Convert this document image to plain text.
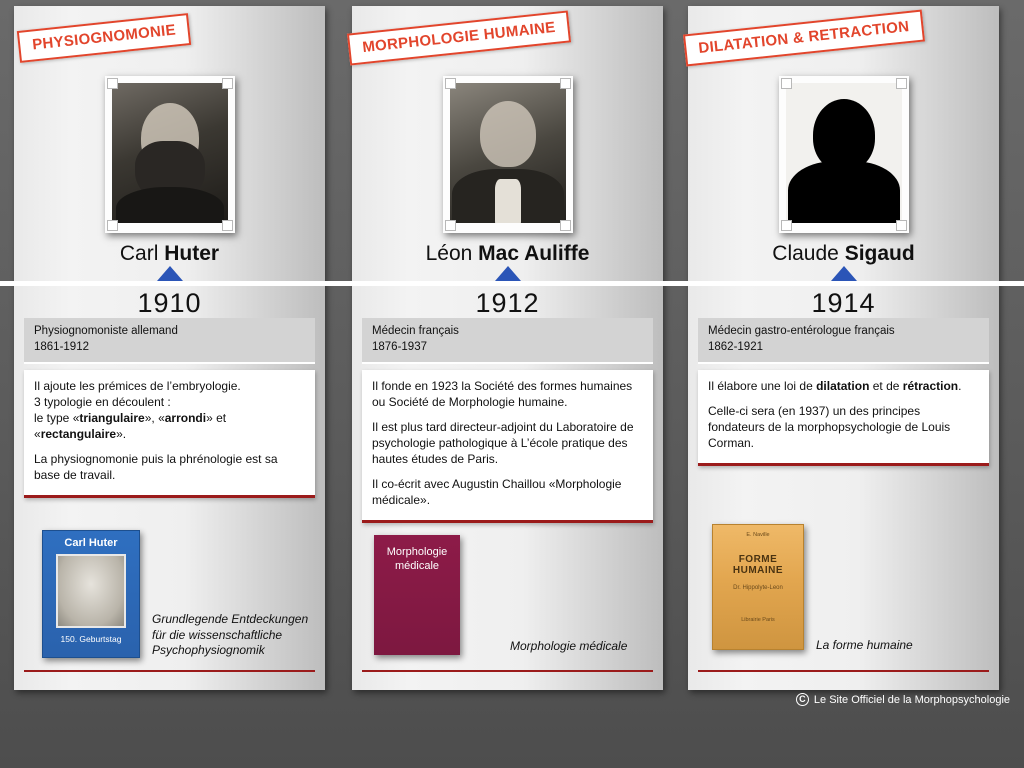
Carl Huter	Léon Mac Auliffe	Claude Sigaud
PHYSIOGNOMONIE	MORPHOLOGIE HUMAINE	DILATATION & RETRACTION
1910	1912	1914
Physiognomoniste allemand
1861-1912
Médecin français
1876-1937
Médecin gastro-entérologue français
1862-1921

Il ajoute les prémices de l’embryologie.
3 typologie en découlent :
le type «triangulaire», «arrondi» et
«rectangulaire».

La physiognomonie puis la phrénologie est sa base de travail.

Il fonde en 1923 la Société des formes humaines ou Société de Morphologie humaine.

Il est plus tard directeur-adjoint du Laboratoire de psychologie pathologique à L’école pratique des hautes études de Paris.

Il co-écrit avec Augustin Chaillou «Morphologie médicale».

Il élabore une loi de dilatation et de rétraction.

Celle-ci sera (en 1937) un des principes fondateurs de la morphopsychologie de Louis Corman.

Carl Huter
150. Geburtstag
Grundlegende Entdeckungen für die wissenschaftliche Psychophysiognomik
Morphologie médicale
Morphologie médicale
E. Naville
FORME HUMAINE
Dr. Hippolyte-Leon
Librairie Paris
La forme humaine
C Le Site Officiel de la Morphopsychologie
